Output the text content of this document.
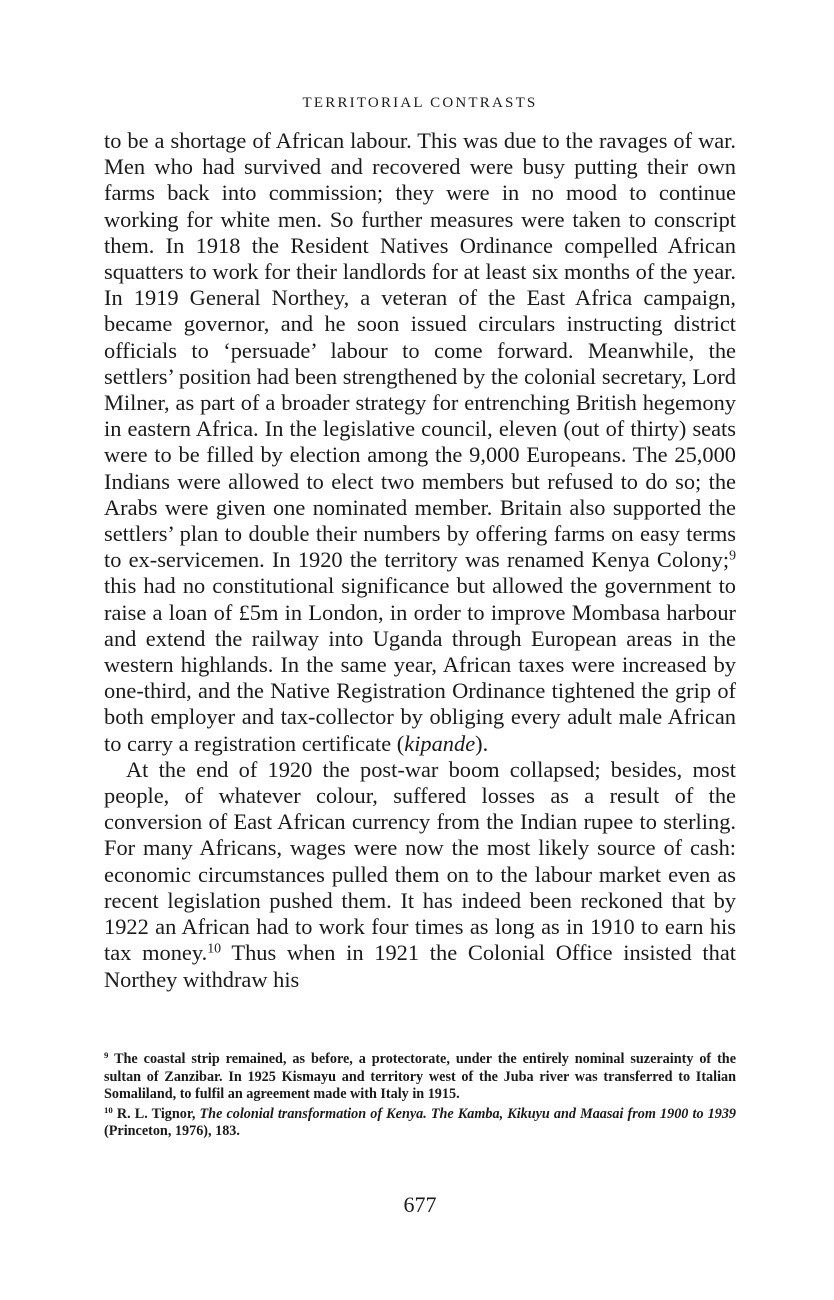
TERRITORIAL CONTRASTS

to be a shortage of African labour. This was due to the ravages of war. Men who had survived and recovered were busy putting their own farms back into commission; they were in no mood to continue working for white men. So further measures were taken to conscript them. In 1918 the Resident Natives Ordinance compelled African squatters to work for their landlords for at least six months of the year. In 1919 General Northey, a veteran of the East Africa campaign, became governor, and he soon issued circulars instructing district officials to ‘persuade’ labour to come forward. Meanwhile, the settlers’ position had been strengthened by the colonial secretary, Lord Milner, as part of a broader strategy for entrenching British hegemony in eastern Africa. In the legislative council, eleven (out of thirty) seats were to be filled by election among the 9,000 Europeans. The 25,000 Indians were allowed to elect two members but refused to do so; the Arabs were given one nominated member. Britain also supported the settlers’ plan to double their numbers by offering farms on easy terms to ex-servicemen. In 1920 the territory was renamed Kenya Colony;$^9$ this had no constitutional significance but allowed the government to raise a loan of £5m in London, in order to improve Mombasa harbour and extend the railway into Uganda through European areas in the western highlands. In the same year, African taxes were increased by one-third, and the Native Registration Ordinance tightened the grip of both employer and tax-collector by obliging every adult male African to carry a registration certificate (kipande).

At the end of 1920 the post-war boom collapsed; besides, most people, of whatever colour, suffered losses as a result of the conversion of East African currency from the Indian rupee to sterling. For many Africans, wages were now the most likely source of cash: economic circumstances pulled them on to the labour market even as recent legislation pushed them. It has indeed been reckoned that by 1922 an African had to work four times as long as in 1910 to earn his tax money.$^{10}$ Thus when in 1921 the Colonial Office insisted that Northey withdraw his

$^9$ The coastal strip remained, as before, a protectorate, under the entirely nominal suzerainty of the sultan of Zanzibar. In 1925 Kismayu and territory west of the Juba river was transferred to Italian Somaliland, to fulfil an agreement made with Italy in 1915.

$^{10}$ R. L. Tignor, The colonial transformation of Kenya. The Kamba, Kikuyu and Maasai from 1900 to 1939 (Princeton, 1976), 183.

677
